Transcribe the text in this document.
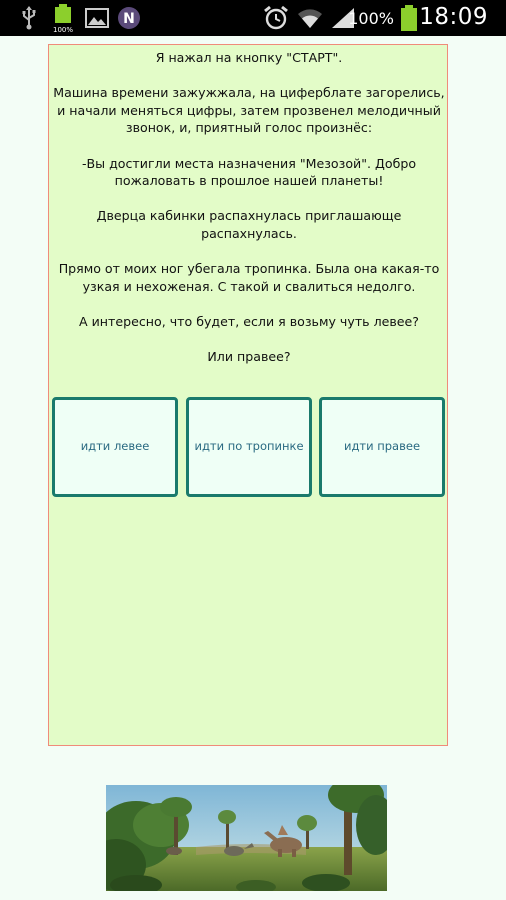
100%
N	100% 18:09

Я нажал на кнопку "СТАРТ".

Машина времени зажужжала, на циферблате загорелись, и начали меняться цифры, затем прозвенел мелодичный звонок, и, приятный голос произнёс:

-Вы достигли места назначения "Мезозой". Добро пожаловать в прошлое нашей планеты!

Дверца кабинки распахнулась приглашающе распахнулась.

Прямо от моих ног убегала тропинка. Была она какая-то узкая и нехоженая. С такой и свалиться недолго.

А интересно, что будет, если я возьму чуть левее?

Или правее?

идти левее	идти по тропинке	идти правее
